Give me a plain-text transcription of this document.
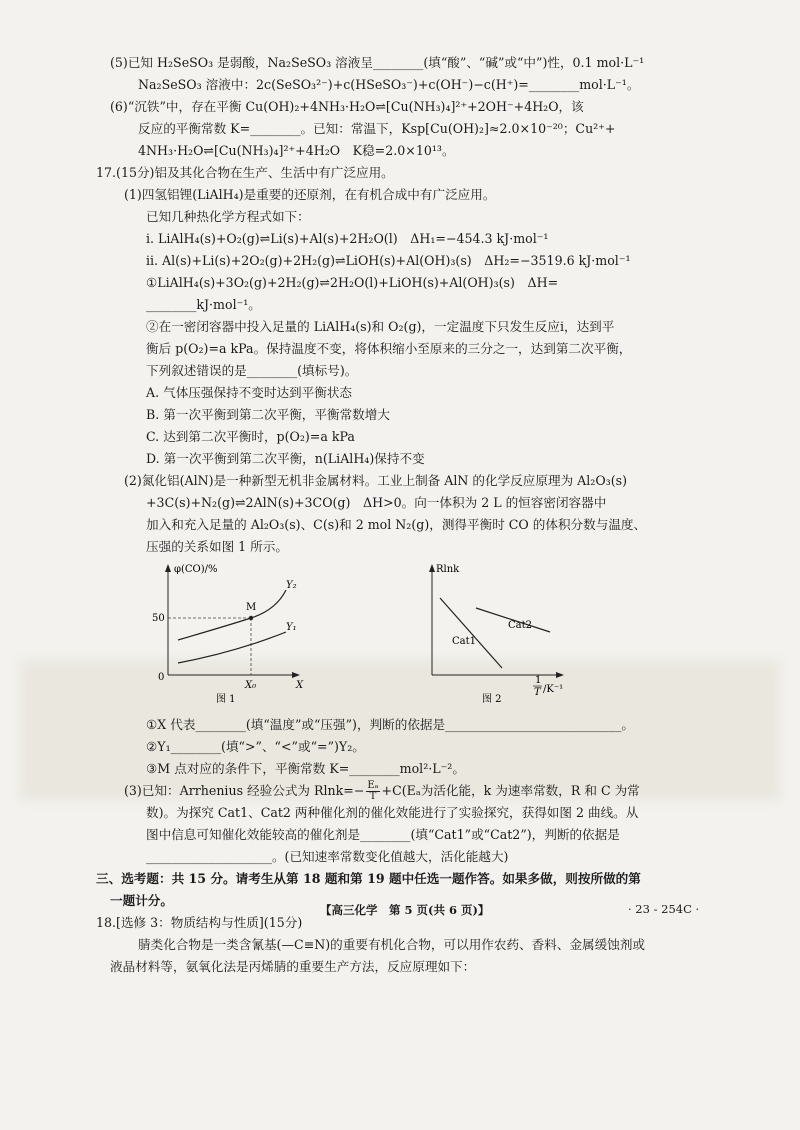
(5)已知 H₂SeSO₃ 是弱酸，Na₂SeSO₃ 溶液呈________(填“酸”、“碱”或“中”)性，0.1 mol·L⁻¹
Na₂SeSO₃ 溶液中：2c(SeSO₃²⁻)+c(HSeSO₃⁻)+c(OH⁻)−c(H⁺)=________mol·L⁻¹。
(6)“沉铁”中，存在平衡 Cu(OH)₂+4NH₃·H₂O⇌[Cu(NH₃)₄]²⁺+2OH⁻+4H₂O，该
反应的平衡常数 K=________。已知：常温下，Ksp[Cu(OH)₂]≈2.0×10⁻²⁰；Cu²⁺+
4NH₃·H₂O⇌[Cu(NH₃)₄]²⁺+4H₂O　K稳=2.0×10¹³。
17.(15分)铝及其化合物在生产、生活中有广泛应用。
(1)四氢铝锂(LiAlH₄)是重要的还原剂，在有机合成中有广泛应用。
已知几种热化学方程式如下：
ⅰ. LiAlH₄(s)+O₂(g)⇌Li(s)+Al(s)+2H₂O(l)　ΔH₁=−454.3 kJ·mol⁻¹
ⅱ. Al(s)+Li(s)+2O₂(g)+2H₂(g)⇌LiOH(s)+Al(OH)₃(s)　ΔH₂=−3519.6 kJ·mol⁻¹
①LiAlH₄(s)+3O₂(g)+2H₂(g)⇌2H₂O(l)+LiOH(s)+Al(OH)₃(s)　ΔH=
________kJ·mol⁻¹。
②在一密闭容器中投入足量的 LiAlH₄(s)和 O₂(g)，一定温度下只发生反应ⅰ，达到平
衡后 p(O₂)=a kPa。保持温度不变，将体积缩小至原来的三分之一，达到第二次平衡，
下列叙述错误的是________(填标号)。
A. 气体压强保持不变时达到平衡状态
B. 第一次平衡到第二次平衡，平衡常数增大
C. 达到第二次平衡时，p(O₂)=a kPa
D. 第一次平衡到第二次平衡，n(LiAlH₄)保持不变
(2)氮化铝(AlN)是一种新型无机非金属材料。工业上制备 AlN 的化学反应原理为 Al₂O₃(s)
+3C(s)+N₂(g)⇌2AlN(s)+3CO(g)　ΔH>0。向一体积为 2 L 的恒容密闭容器中
加入和充入足量的 Al₂O₃(s)、C(s)和 2 mol N₂(g)，测得平衡时 CO 的体积分数与温度、
压强的关系如图 1 所示。
φ(CO)/%
50
0
X₀	X
M
Y₂
Y₁
图 1
Rlnk
Cat1
Cat2
1
T /K⁻¹
图 2
①X 代表________(填“温度”或“压强”)，判断的依据是____________________________。
②Y₁________(填“>”、“<”或“=”)Y₂。
③M 点对应的条件下，平衡常数 K=________mol²·L⁻²。
(3)已知：Arrhenius 经验公式为 $Rlnk=- \frac{\text{Eₐ}}{T} +C(E_a$为活化能，k 为速率常数，R 和 C 为常
数)。为探究 Cat1、Cat2 两种催化剂的催化效能进行了实验探究，获得如图 2 曲线。从
图中信息可知催化效能较高的催化剂是________(填“Cat1”或“Cat2”)，判断的依据是
____________________。(已知速率常数变化值越大，活化能越大)
三、选考题：共 15 分。请考生从第 18 题和第 19 题中任选一题作答。如果多做，则按所做的第
一题计分。
18.[选修 3：物质结构与性质](15分)
腈类化合物是一类含氰基(—C≡N)的重要有机化合物，可以用作农药、香料、金属缓蚀剂或
液晶材料等，氨氧化法是丙烯腈的重要生产方法，反应原理如下：
【高三化学　第 5 页(共 6 页)】	· 23 - 254C ·
